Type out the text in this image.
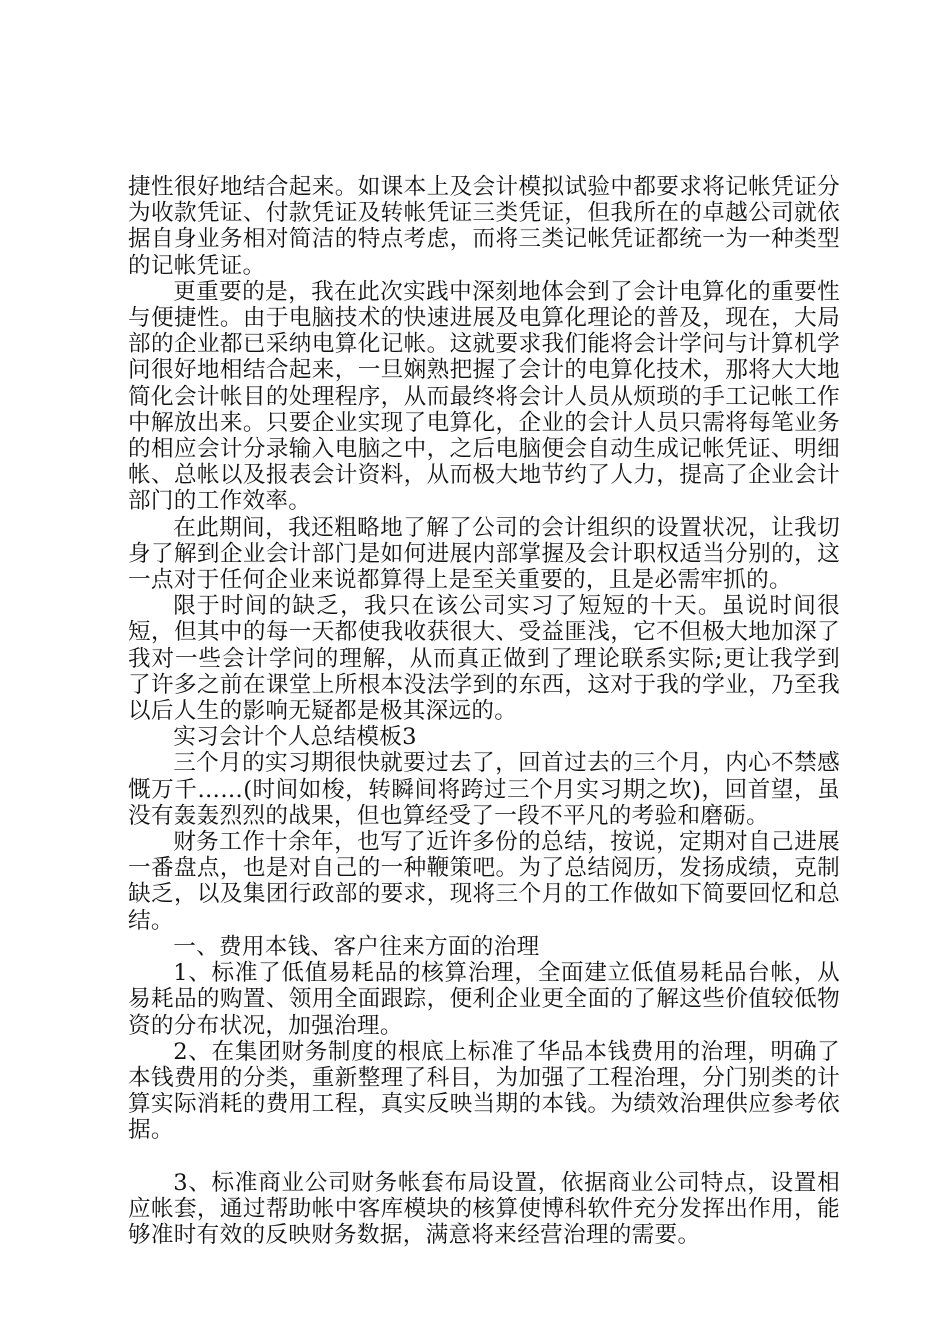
捷性很好地结合起来。如课本上及会计模拟试验中都要求将记帐凭证分为收款凭证、付款凭证及转帐凭证三类凭证，但我所在的卓越公司就依据自身业务相对简洁的特点考虑，而将三类记帐凭证都统一为一种类型的记帐凭证。

更重要的是，我在此次实践中深刻地体会到了会计电算化的重要性与便捷性。由于电脑技术的快速进展及电算化理论的普及，现在，大局部的企业都已采纳电算化记帐。这就要求我们能将会计学问与计算机学问很好地相结合起来，一旦娴熟把握了会计的电算化技术，那将大大地简化会计帐目的处理程序，从而最终将会计人员从烦琐的手工记帐工作中解放出来。只要企业实现了电算化，企业的会计人员只需将每笔业务的相应会计分录输入电脑之中，之后电脑便会自动生成记帐凭证、明细帐、总帐以及报表会计资料，从而极大地节约了人力，提高了企业会计部门的工作效率。

在此期间，我还粗略地了解了公司的会计组织的设置状况，让我切身了解到企业会计部门是如何进展内部掌握及会计职权适当分别的，这一点对于任何企业来说都算得上是至关重要的，且是必需牢抓的。

限于时间的缺乏，我只在该公司实习了短短的十天。虽说时间很短，但其中的每一天都使我收获很大、受益匪浅，它不但极大地加深了我对一些会计学问的理解，从而真正做到了理论联系实际;更让我学到了许多之前在课堂上所根本没法学到的东西，这对于我的学业，乃至我以后人生的影响无疑都是极其深远的。

实习会计个人总结模板3

三个月的实习期很快就要过去了，回首过去的三个月，内心不禁感慨万千……(时间如梭，转瞬间将跨过三个月实习期之坎)，回首望，虽没有轰轰烈烈的战果，但也算经受了一段不平凡的考验和磨砺。

财务工作十余年，也写了近许多份的总结，按说，定期对自己进展一番盘点，也是对自己的一种鞭策吧。为了总结阅历，发扬成绩，克制缺乏，以及集团行政部的要求，现将三个月的工作做如下简要回忆和总结。

一、费用本钱、客户往来方面的治理

1、标准了低值易耗品的核算治理，全面建立低值易耗品台帐，从易耗品的购置、领用全面跟踪，便利企业更全面的了解这些价值较低物资的分布状况，加强治理。

2、在集团财务制度的根底上标准了华品本钱费用的治理，明确了本钱费用的分类，重新整理了科目，为加强了工程治理，分门别类的计算实际消耗的费用工程，真实反映当期的本钱。为绩效治理供应参考依据。

3、标准商业公司财务帐套布局设置，依据商业公司特点，设置相应帐套，通过帮助帐中客库模块的核算使博科软件充分发挥出作用，能够准时有效的反映财务数据，满意将来经营治理的需要。
